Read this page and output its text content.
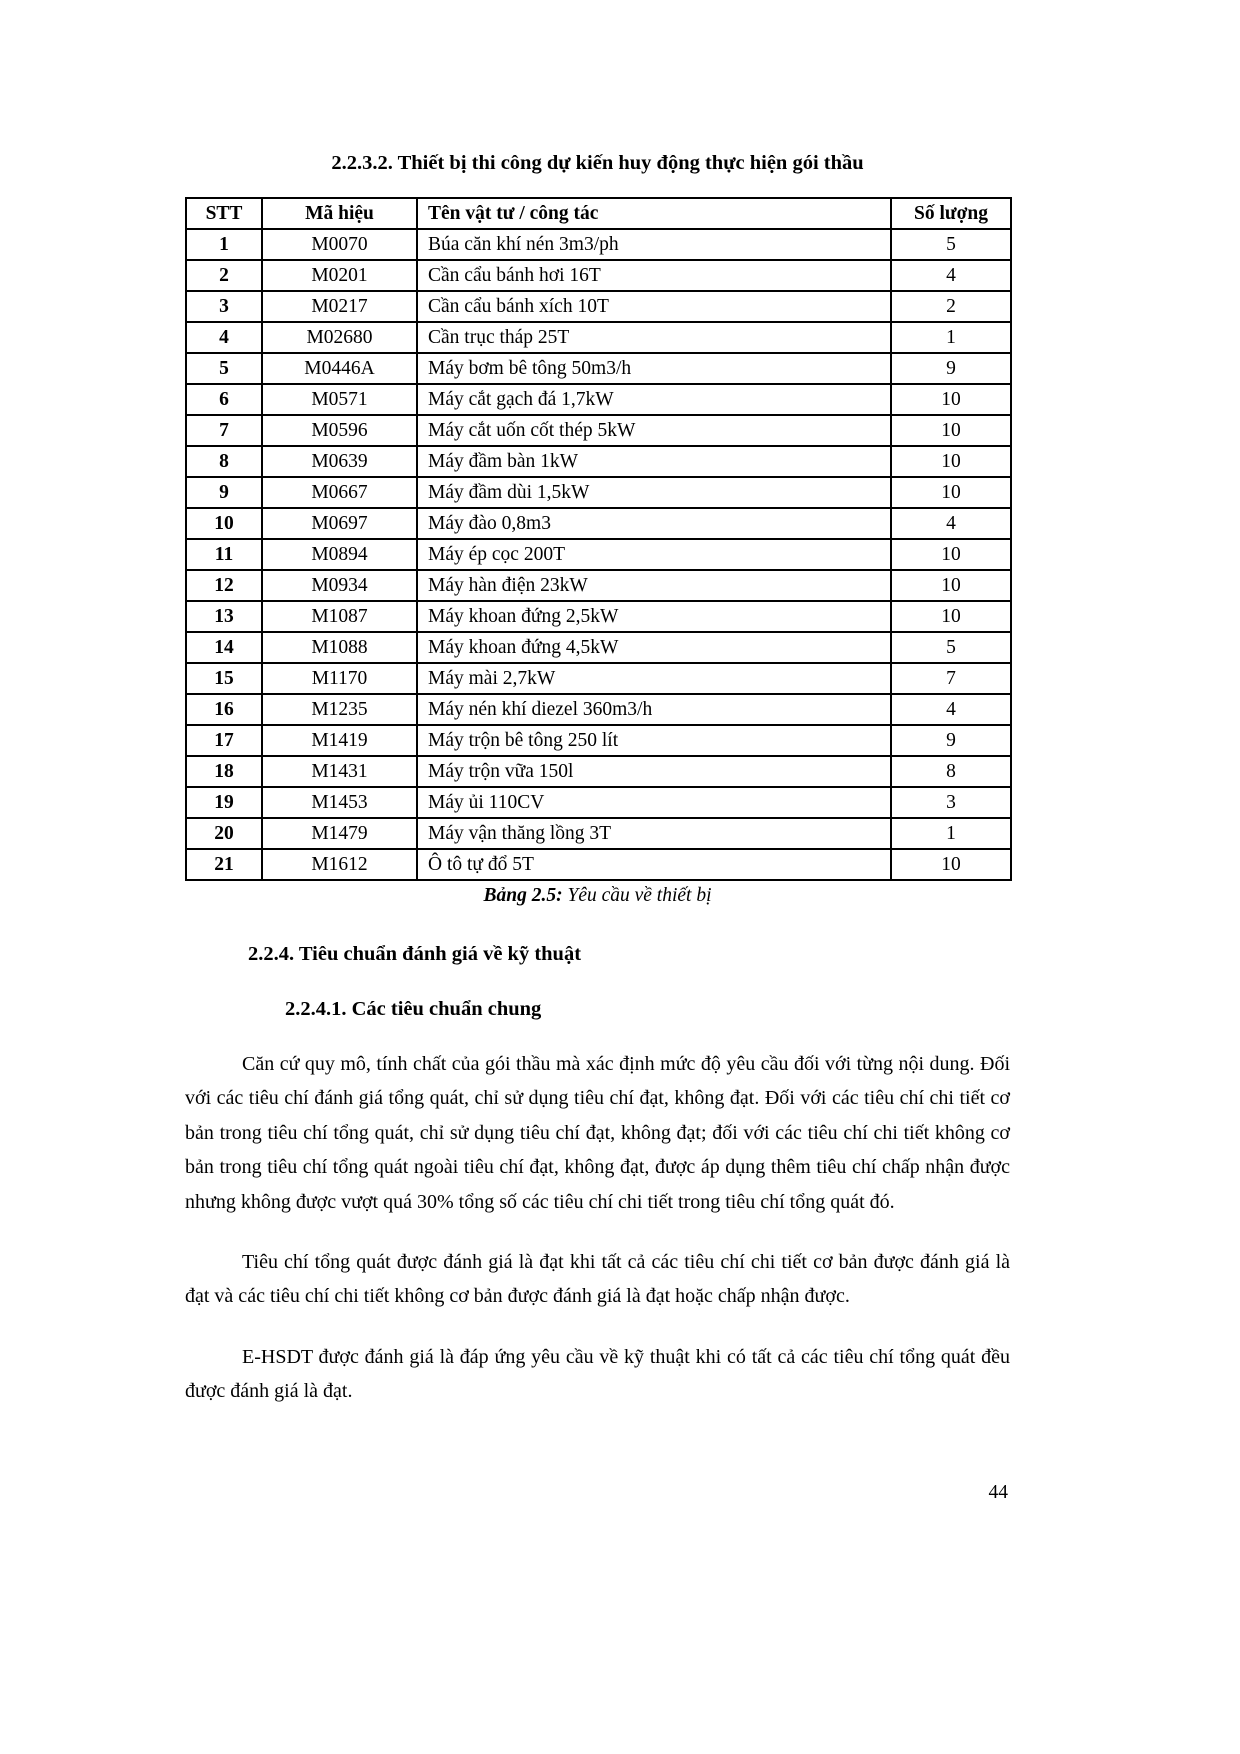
2.2.3.2. Thiết bị thi công dự kiến huy động thực hiện gói thầu

STT	Mã hiệu	Tên vật tư / công tác	Số lượng
1	M0070	Búa căn khí nén 3m3/ph	5
2	M0201	Cần cẩu bánh hơi 16T	4
3	M0217	Cần cẩu bánh xích 10T	2
4	M02680	Cần trục tháp 25T	1
5	M0446A	Máy bơm bê tông 50m3/h	9
6	M0571	Máy cắt gạch đá 1,7kW	10
7	M0596	Máy cắt uốn cốt thép 5kW	10
8	M0639	Máy đầm bàn 1kW	10
9	M0667	Máy đầm dùi 1,5kW	10
10	M0697	Máy đào 0,8m3	4
11	M0894	Máy ép cọc 200T	10
12	M0934	Máy hàn điện 23kW	10
13	M1087	Máy khoan đứng 2,5kW	10
14	M1088	Máy khoan đứng 4,5kW	5
15	M1170	Máy mài 2,7kW	7
16	M1235	Máy nén khí diezel 360m3/h	4
17	M1419	Máy trộn bê tông 250 lít	9
18	M1431	Máy trộn vữa 150l	8
19	M1453	Máy ủi 110CV	3
20	M1479	Máy vận thăng lồng 3T	1
21	M1612	Ô tô tự đổ 5T	10

Bảng 2.5: Yêu cầu về thiết bị

2.2.4. Tiêu chuẩn đánh giá về kỹ thuật

2.2.4.1. Các tiêu chuẩn chung

Căn cứ quy mô, tính chất của gói thầu mà xác định mức độ yêu cầu đối với từng nội dung. Đối với các tiêu chí đánh giá tổng quát, chỉ sử dụng tiêu chí đạt, không đạt. Đối với các tiêu chí chi tiết cơ bản trong tiêu chí tổng quát, chỉ sử dụng tiêu chí đạt, không đạt; đối với các tiêu chí chi tiết không cơ bản trong tiêu chí tổng quát ngoài tiêu chí đạt, không đạt, được áp dụng thêm tiêu chí chấp nhận được nhưng không được vượt quá 30% tổng số các tiêu chí chi tiết trong tiêu chí tổng quát đó.

Tiêu chí tổng quát được đánh giá là đạt khi tất cả các tiêu chí chi tiết cơ bản được đánh giá là đạt và các tiêu chí chi tiết không cơ bản được đánh giá là đạt hoặc chấp nhận được.

E-HSDT được đánh giá là đáp ứng yêu cầu về kỹ thuật khi có tất cả các tiêu chí tổng quát đều được đánh giá là đạt.

44
